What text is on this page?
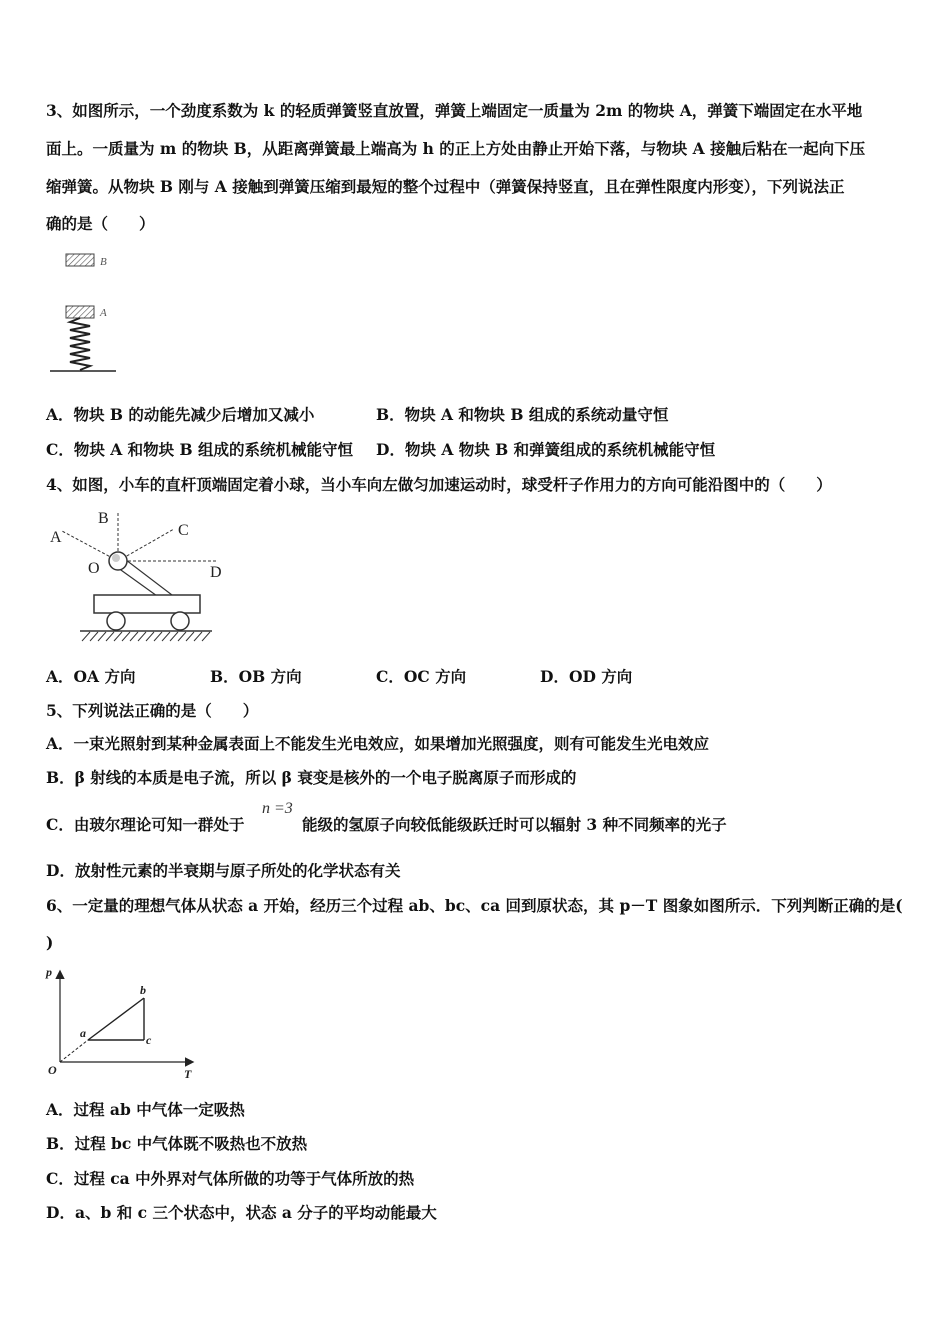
3、如图所示，一个劲度系数为 k 的轻质弹簧竖直放置，弹簧上端固定一质量为 2m 的物块 A，弹簧下端固定在水平地
面上。一质量为 m 的物块 B，从距离弹簧最上端高为 h 的正上方处由静止开始下落，与物块 A 接触后粘在一起向下压
缩弹簧。从物块 B 刚与 A 接触到弹簧压缩到最短的整个过程中（弹簧保持竖直，且在弹性限度内形变），下列说法正
确的是（　　）
B
A
A．物块 B 的动能先减少后增加又减小	B．物块 A 和物块 B 组成的系统动量守恒
C．物块 A 和物块 B 组成的系统机械能守恒 D．物块 A 物块 B 和弹簧组成的系统机械能守恒
4、如图，小车的直杆顶端固定着小球，当小车向左做匀加速运动时，球受杆子作用力的方向可能沿图中的（　　）
A
B
C
D
O
A．OA 方向	B．OB 方向	C．OC 方向	D．OD 方向
5、下列说法正确的是（　　）
A．一束光照射到某种金属表面上不能发生光电效应，如果增加光照强度，则有可能发生光电效应
B．β 射线的本质是电子流，所以 β 衰变是核外的一个电子脱离原子而形成的
C．由玻尔理论可知一群处于
n =3
能级的氢原子向较低能级跃迁时可以辐射 3 种不同频率的光子
D．放射性元素的半衰期与原子所处的化学状态有关
6、一定量的理想气体从状态 a 开始，经历三个过程 ab、bc、ca 回到原状态，其 p－T 图象如图所示．下列判断正确的是(
)
p
T
O
a
b
c
A．过程 ab 中气体一定吸热
B．过程 bc 中气体既不吸热也不放热
C．过程 ca 中外界对气体所做的功等于气体所放的热
D．a、b 和 c 三个状态中，状态 a 分子的平均动能最大
